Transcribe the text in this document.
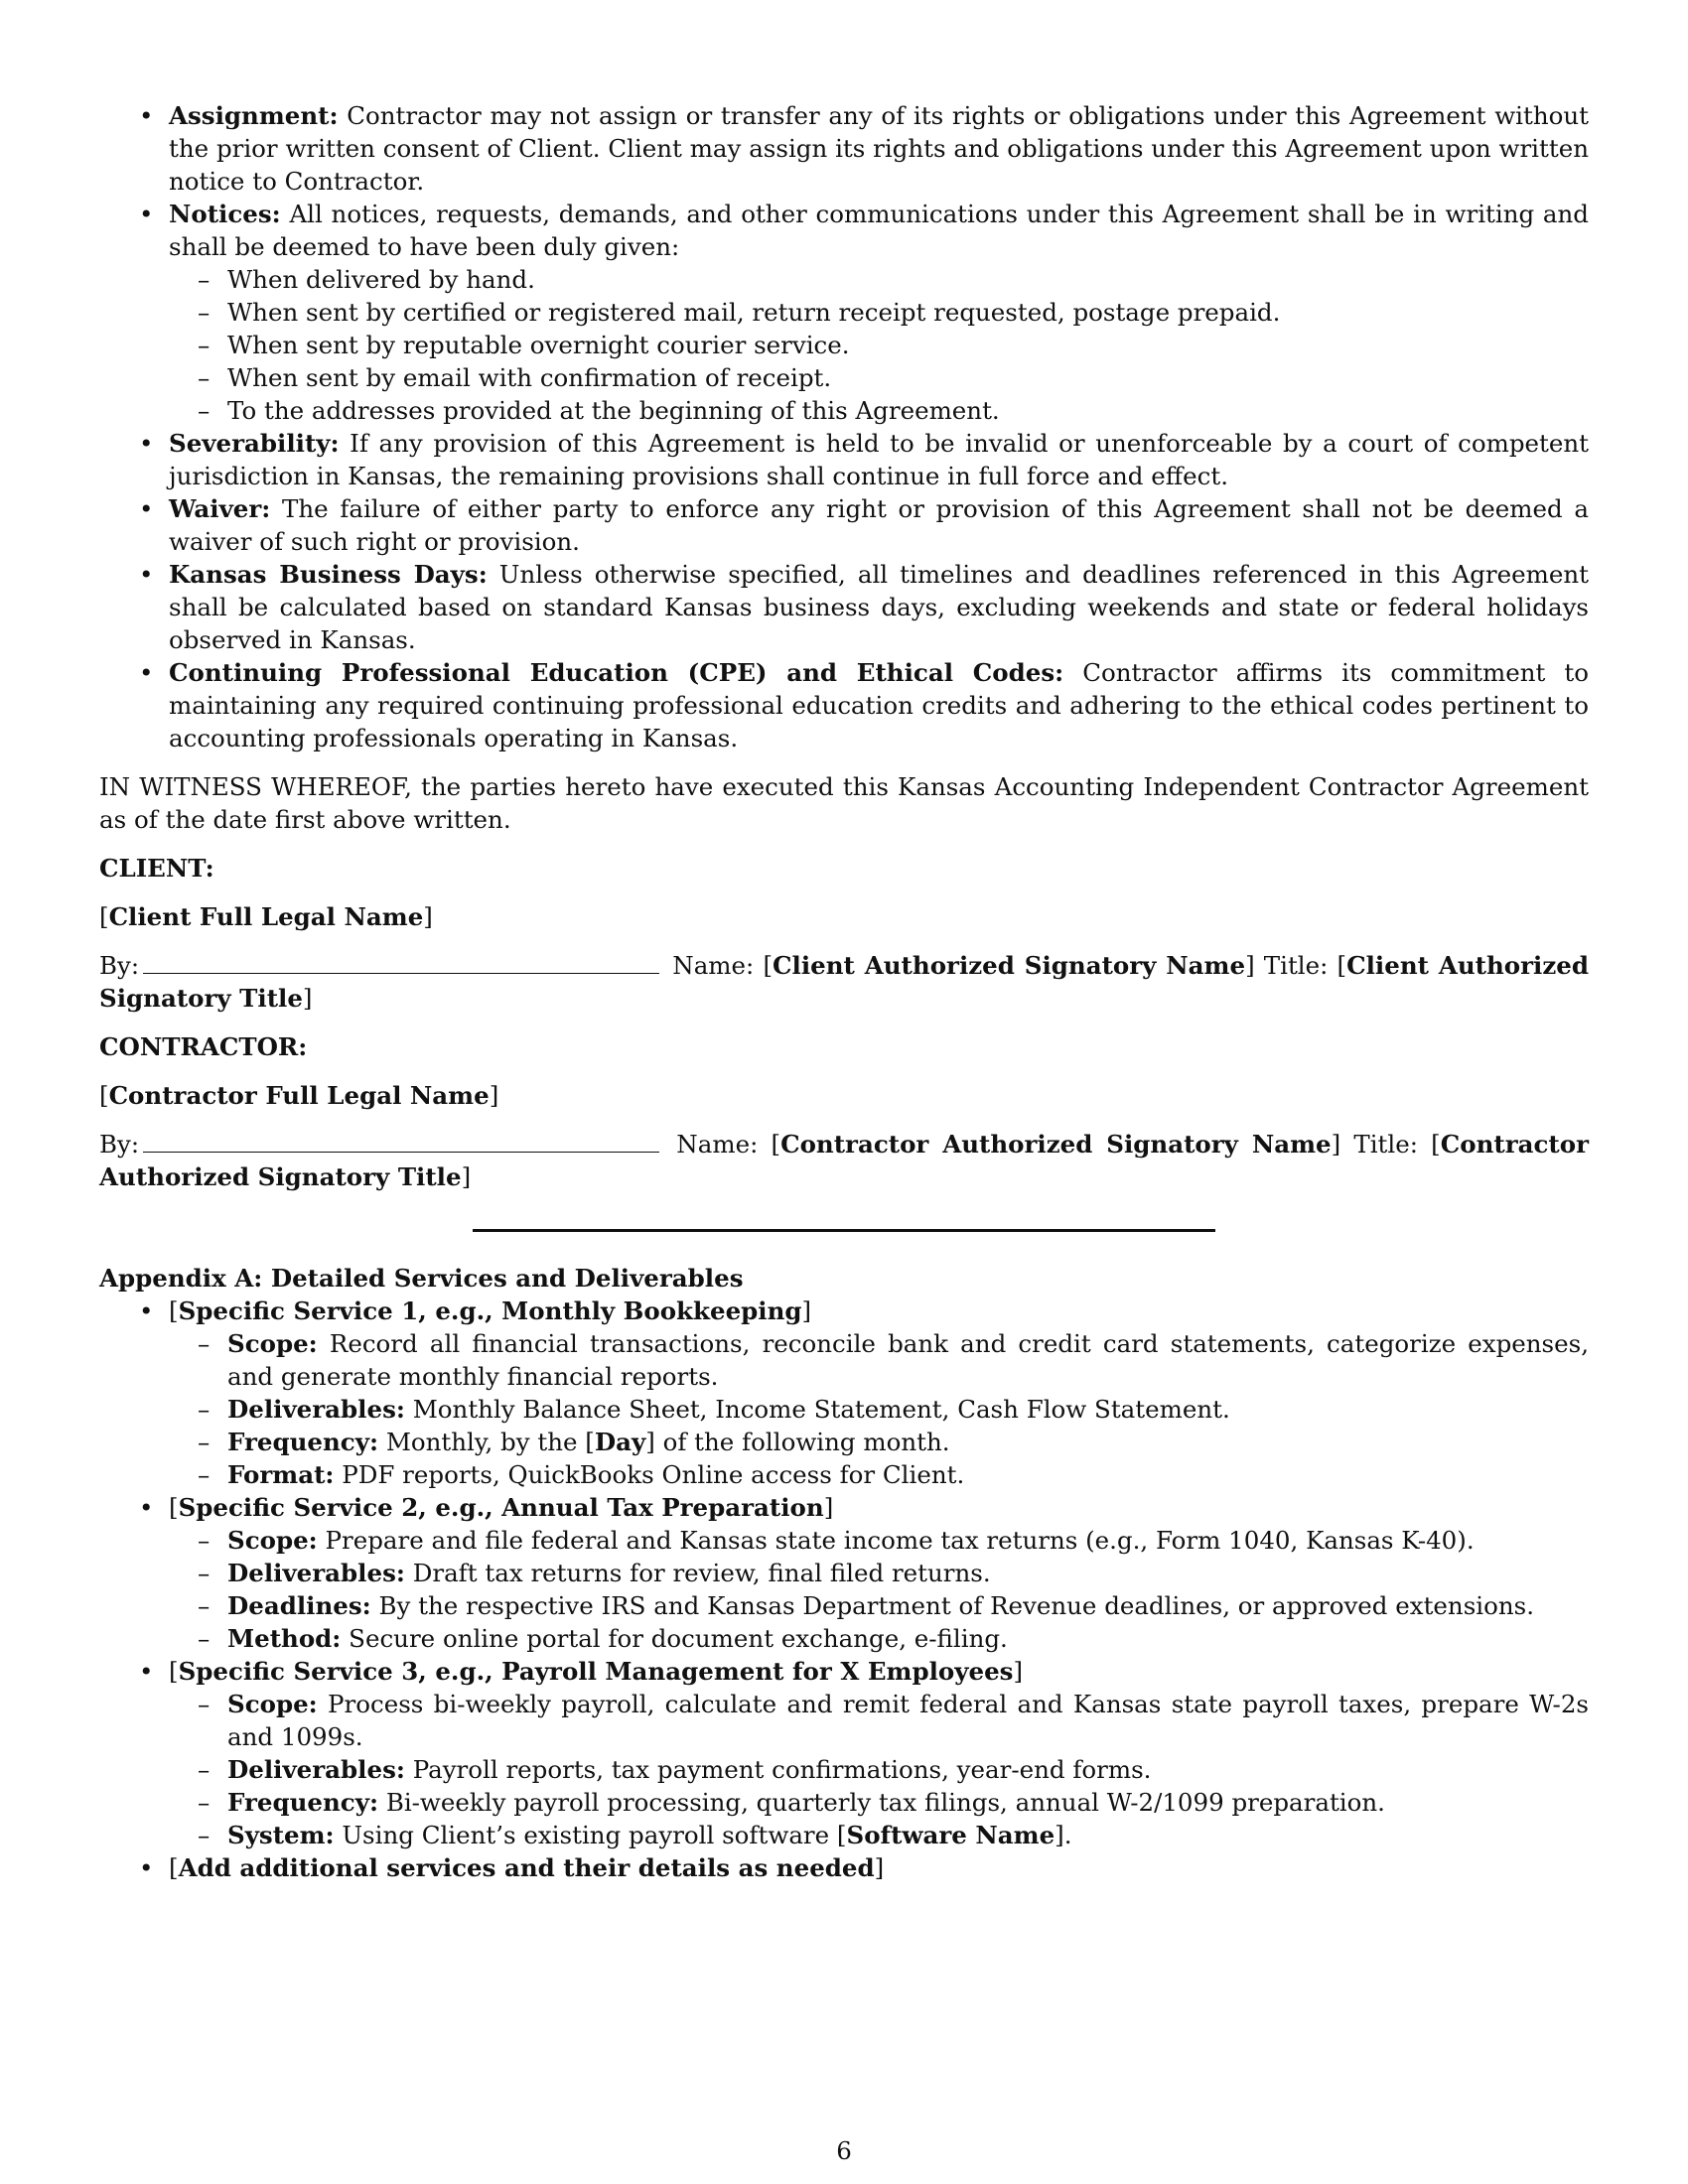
• Assignment: Contractor may not assign or transfer any of its rights or obligations under this Agreement without the prior written consent of Client. Client may assign its rights and obligations under this Agreement upon written notice to Contractor.
• Notices: All notices, requests, demands, and other communications under this Agreement shall be in writing and shall be deemed to have been duly given:
– When delivered by hand.
– When sent by certified or registered mail, return receipt requested, postage prepaid.
– When sent by reputable overnight courier service.
– When sent by email with confirmation of receipt.
– To the addresses provided at the beginning of this Agreement.
• Severability: If any provision of this Agreement is held to be invalid or unenforceable by a court of competent jurisdiction in Kansas, the remaining provisions shall continue in full force and effect.
• Waiver: The failure of either party to enforce any right or provision of this Agreement shall not be deemed a waiver of such right or provision.
• Kansas Business Days: Unless otherwise specified, all timelines and deadlines referenced in this Agreement shall be calculated based on standard Kansas business days, excluding weekends and state or federal holidays observed in Kansas.
• Continuing Professional Education (CPE) and Ethical Codes: Contractor affirms its commitment to maintaining any required continuing professional education credits and adhering to the ethical codes pertinent to accounting professionals operating in Kansas.
IN WITNESS WHEREOF, the parties hereto have executed this Kansas Accounting Independent Contractor Agreement as of the date first above written.
CLIENT:
[Client Full Legal Name]
By:	Name: [Client Authorized Signatory Name] Title: [Client Authorized Signatory Title]
CONTRACTOR:
[Contractor Full Legal Name]
By:	Name: [Contractor Authorized Signatory Name] Title: [Contractor Authorized Signatory Title]
Appendix A: Detailed Services and Deliverables
• [Specific Service 1, e.g., Monthly Bookkeeping]
– Scope: Record all financial transactions, reconcile bank and credit card statements, categorize expenses, and generate monthly financial reports.
– Deliverables: Monthly Balance Sheet, Income Statement, Cash Flow Statement.
– Frequency: Monthly, by the [Day] of the following month.
– Format: PDF reports, QuickBooks Online access for Client.
• [Specific Service 2, e.g., Annual Tax Preparation]
– Scope: Prepare and file federal and Kansas state income tax returns (e.g., Form 1040, Kansas K-40).
– Deliverables: Draft tax returns for review, final filed returns.
– Deadlines: By the respective IRS and Kansas Department of Revenue deadlines, or approved extensions.
– Method: Secure online portal for document exchange, e-filing.
• [Specific Service 3, e.g., Payroll Management for X Employees]
– Scope: Process bi-weekly payroll, calculate and remit federal and Kansas state payroll taxes, prepare W-2s and 1099s.
– Deliverables: Payroll reports, tax payment confirmations, year-end forms.
– Frequency: Bi-weekly payroll processing, quarterly tax filings, annual W-2/1099 preparation.
– System: Using Client’s existing payroll software [Software Name].
• [Add additional services and their details as needed]
6
